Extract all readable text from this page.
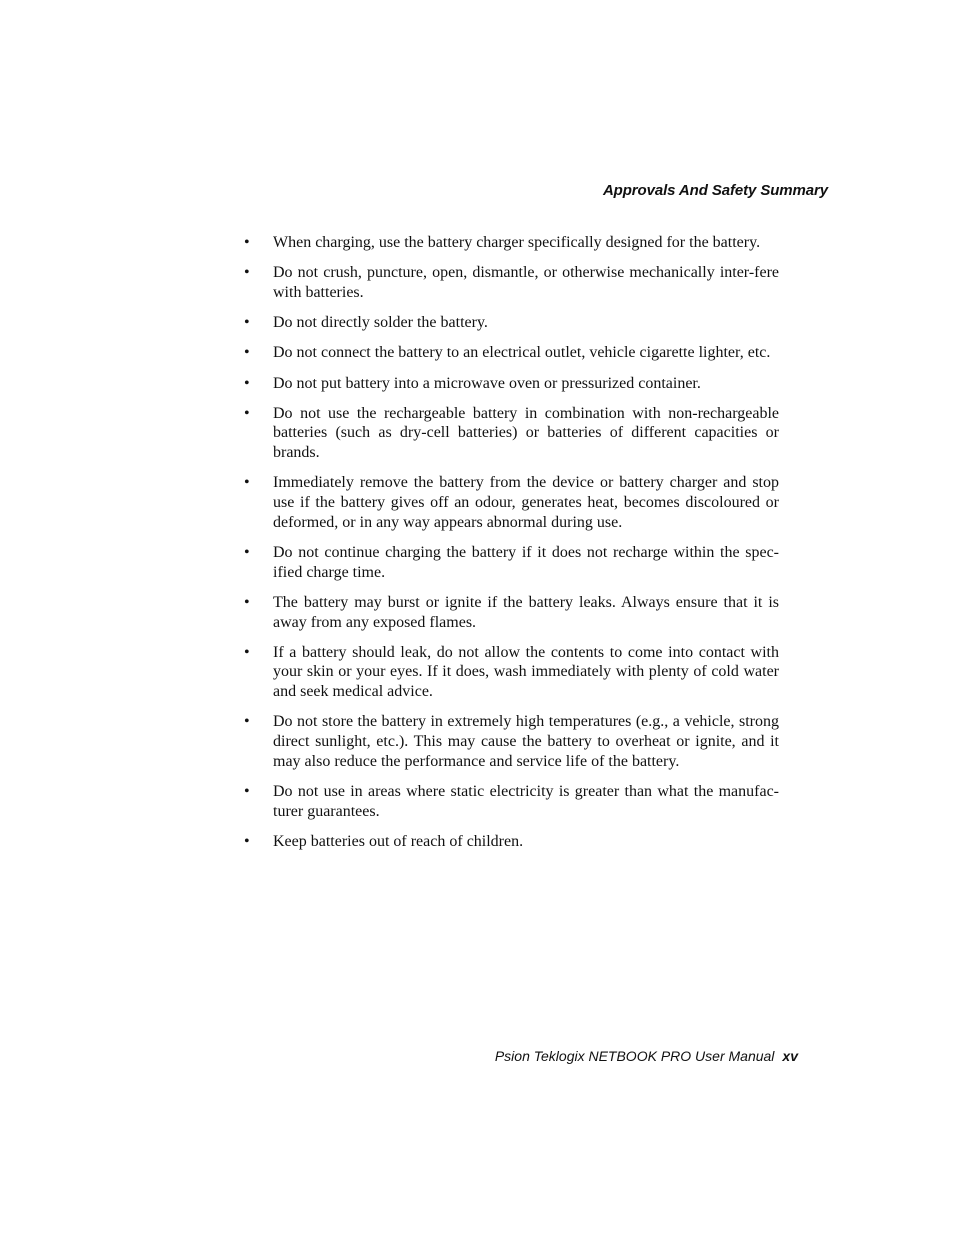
Approvals And Safety Summary
• When charging, use the battery charger specifically designed for the battery.
• Do not crush, puncture, open, dismantle, or otherwise mechanically inter-fere with batteries.
• Do not directly solder the battery.
• Do not connect the battery to an electrical outlet, vehicle cigarette lighter, etc.
• Do not put battery into a microwave oven or pressurized container.
• Do not use the rechargeable battery in combination with non-rechargeable batteries (such as dry-cell batteries) or batteries of different capacities or brands.
• Immediately remove the battery from the device or battery charger and stop use if the battery gives off an odour, generates heat, becomes discoloured or deformed, or in any way appears abnormal during use.
• Do not continue charging the battery if it does not recharge within the spec-ified charge time.
• The battery may burst or ignite if the battery leaks. Always ensure that it is away from any exposed flames.
• If a battery should leak, do not allow the contents to come into contact with your skin or your eyes. If it does, wash immediately with plenty of cold water and seek medical advice.
• Do not store the battery in extremely high temperatures (e.g., a vehicle, strong direct sunlight, etc.). This may cause the battery to overheat or ignite, and it may also reduce the performance and service life of the battery.
• Do not use in areas where static electricity is greater than what the manufac-turer guarantees.
• Keep batteries out of reach of children.
Psion Teklogix NETBOOK PRO User Manual xv
